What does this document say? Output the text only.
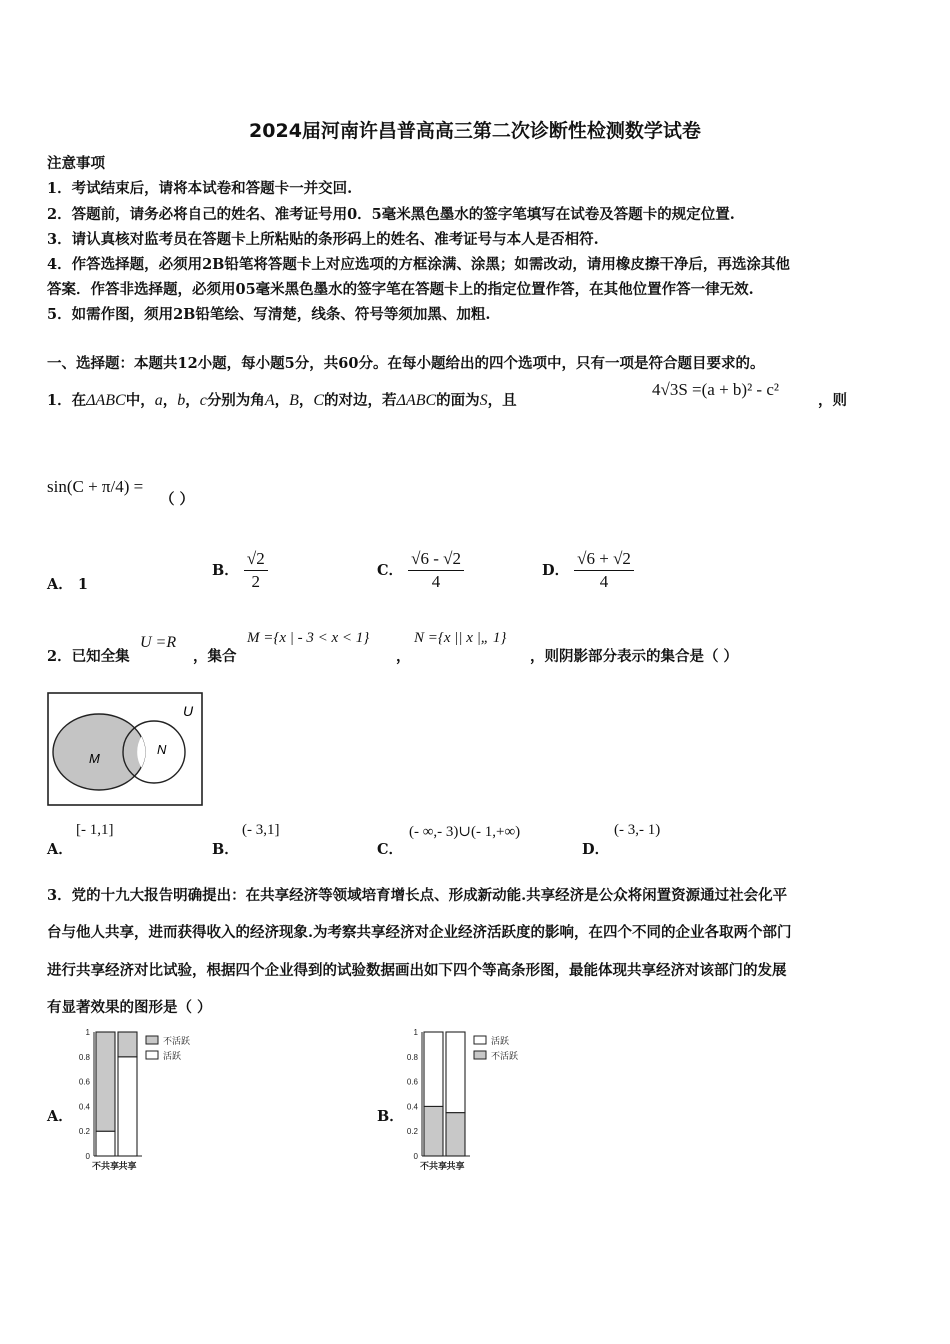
2024届河南许昌普高高三第二次诊断性检测数学试卷
注意事项
1．考试结束后，请将本试卷和答题卡一并交回.
2．答题前，请务必将自己的姓名、准考证号用0．5毫米黑色墨水的签字笔填写在试卷及答题卡的规定位置.
3．请认真核对监考员在答题卡上所粘贴的条形码上的姓名、准考证号与本人是否相符.
4．作答选择题，必须用2B铅笔将答题卡上对应选项的方框涂满、涂黑；如需改动，请用橡皮擦干净后，再选涂其他
答案．作答非选择题，必须用05毫米黑色墨水的签字笔在答题卡上的指定位置作答，在其他位置作答一律无效.
5．如需作图，须用2B铅笔绘、写清楚，线条、符号等须加黑、加粗.
一、选择题：本题共12小题，每小题5分，共60分。在每小题给出的四个选项中，只有一项是符合题目要求的。
1．在ΔABC中，a，b，c分别为角A，B，C的对边，若ΔABC的面为S，且
4√3S =(a + b)² - c²
，则
sin(C + π/4) =
（ ）
A． 1
B． $\frac{√2}{2}$	C． $\frac{√6 - √2}{4}$	D． $\frac{√6 + √2}{4}$
2．已知全集
U =R
，集合
M ={x | - 3 < x < 1}
，
N ={x || x |„ 1}
，则阴影部分表示的集合是（ ）
U
M
N
A．
[- 1,1]
B．
(- 3,1]
C．
(- ∞,- 3)∪(- 1,+∞)
D．
(- 3,- 1)
3．党的十九大报告明确提出：在共享经济等领域培育增长点、形成新动能.共享经济是公众将闲置资源通过社会化平
台与他人共享，进而获得收入的经济现象.为考察共享经济对企业经济活跃度的影响，在四个不同的企业各取两个部门
进行共享经济对比试验，根据四个企业得到的试验数据画出如下四个等高条形图，最能体现共享经济对该部门的发展
有显著效果的图形是（ ）
A．	B．
0
0.2
0.4
0.6
0.8
1
不共享 共享
不活跃
活跃
0
0.2
0.4
0.6
0.8
1
不共享 共享
活跃
不活跃
